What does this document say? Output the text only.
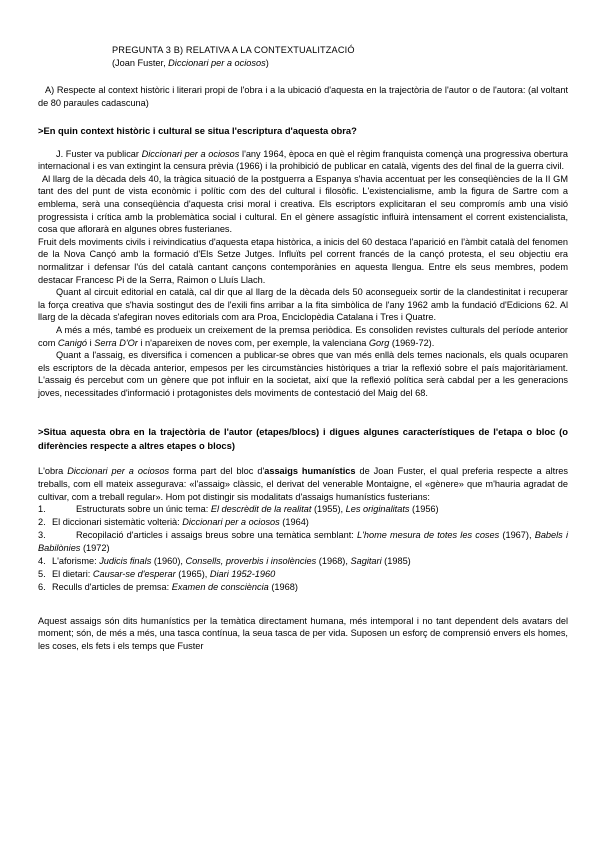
PREGUNTA 3 B) RELATIVA A LA CONTEXTUALITZACIÓ
(Joan Fuster, Diccionari per a ociosos)

A) Respecte al context històric i literari propi de l'obra i a la ubicació d'aquesta en la trajectòria de l'autor o de l'autora: (al voltant de 80 paraules cadascuna)

>En quin context històric i cultural se situa l'escriptura d'aquesta obra?

J. Fuster va publicar Diccionari per a ociosos l'any 1964, època en què el règim franquista començà una progressiva obertura internacional i es van extingint la censura prèvia (1966) i la prohibició de publicar en català, vigents des del final de la guerra civil.

Al llarg de la dècada dels 40, la tràgica situació de la postguerra a Espanya s'havia accentuat per les conseqüències de la II GM tant des del punt de vista econòmic i polític com des del cultural i filosòfic. L'existencialisme, amb la figura de Sartre com a emblema, serà una conseqüència d'aquesta crisi moral i creativa. Els escriptors explicitaran el seu compromís amb una visió progressista i crítica amb la problemàtica social i cultural. En el gènere assagístic influirà intensament el corrent existencialista, cosa que aflorarà en algunes obres fusterianes.

Fruit dels moviments civils i reivindicatius d'aquesta etapa històrica, a inicis del 60 destaca l'aparició en l'àmbit català del fenomen de la Nova Cançó amb la formació d'Els Setze Jutges. Influïts pel corrent francés de la cançó protesta, el seu objectiu era normalitzar i defensar l'ús del català cantant cançons contemporànies en aquesta llengua. Entre els seus membres, podem destacar Francesc Pi de la Serra, Raimon o Lluís Llach.

Quant al circuit editorial en català, cal dir que al llarg de la dècada dels 50 aconsegueix sortir de la clandestinitat i recuperar la força creativa que s'havia sostingut des de l'exili fins arribar a la fita simbòlica de l'any 1962 amb la fundació d'Edicions 62. Al llarg de la dècada s'afegiran noves editorials com ara Proa, Enciclopèdia Catalana i Tres i Quatre.

A més a més, també es produeix un creixement de la premsa periòdica. Es consoliden revistes culturals del període anterior com Canigó i Serra D'Or i n'apareixen de noves com, per exemple, la valenciana Gorg (1969-72).

Quant a l'assaig, es diversifica i comencen a publicar-se obres que van més enllà dels temes nacionals, els quals ocuparen els escriptors de la dècada anterior, empesos per les circumstàncies històriques a triar la reflexió sobre el país majoritàriament. L'assaig és percebut com un gènere que pot influir en la societat, així que la reflexió política serà cabdal per a les generacions joves, necessitades d'informació i protagonistes dels moviments de contestació del Maig del 68.

>Situa aquesta obra en la trajectòria de l'autor (etapes/blocs) i digues algunes característiques de l'etapa o bloc (o diferències respecte a altres etapes o blocs)

L'obra Diccionari per a ociosos forma part del bloc d'assaigs humanístics de Joan Fuster, el qual preferia respecte a altres treballs, com ell mateix assegurava: «l'assaig» clàssic, el derivat del venerable Montaigne, el «gènere» que m'hauria agradat de cultivar, com a treball regular». Hom pot distingir sis modalitats d'assaigs humanístics fusterians:

1.	Estructurats sobre un únic tema: El descrèdit de la realitat (1955), Les originalitats (1956)
2. El diccionari sistemàtic volterià: Diccionari per a ociosos (1964)
3.	Recopilació d'articles i assaigs breus sobre una temàtica semblant: L'home mesura de totes les coses (1967), Babels i Babilònies (1972)
4. L'aforisme: Judicis finals (1960), Consells, proverbis i insolències (1968), Sagitari (1985)
5. El dietari: Causar-se d'esperar (1965), Diari 1952-1960
6. Reculls d'articles de premsa: Examen de consciència (1968)

Aquest assaigs són dits humanístics per la temàtica directament humana, més intemporal i no tant dependent dels avatars del moment; són, de més a més, una tasca contínua, la seua tasca de per vida. Suposen un esforç de comprensió envers els homes, les coses, els fets i els temps que Fuster
